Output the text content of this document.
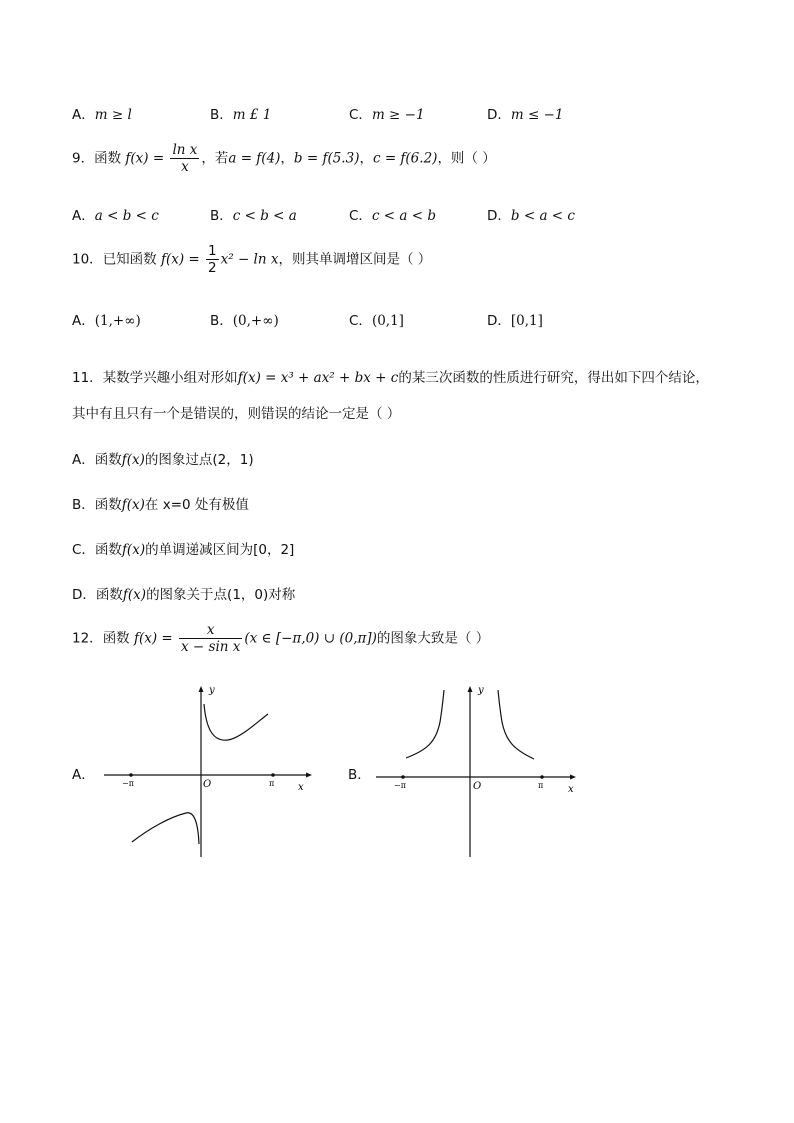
A．m ≥ l	B．m £ 1	C．m ≥ −1	D．m ≤ −1
9．函数 $f(x) = \frac{\text{ln x}}{x}$ ，若a = f(4)，b = f(5.3)，c = f(6.2)，则（ ）
A．a < b < c	B．c < b < a	C．c < a < b	D．b < a < c
10．已知函数 $f(x) = \frac{1}{2} x^2 - \ln x$，则其单调增区间是（ ）
A．(1,+∞)	B．(0,+∞)	C．(0,1]	D．[0,1]
11．某数学兴趣小组对形如f(x) = x³ + ax² + bx + c的某三次函数的性质进行研究，得出如下四个结论，
其中有且只有一个是错误的，则错误的结论一定是（ ）
A．函数f(x)的图象过点(2，1)
B．函数f(x)在 x=0 处有极值
C．函数f(x)的单调递减区间为[0，2]
D．函数f(x)的图象关于点(1，0)对称
12．函数 $f(x) = \frac{x}{\text{x − sin x}} (x$ ∈ [−π,0) ∪ (0,π])的图象大致是（ ）
A．
y
x
O
−π	π
B．
y
x
O
−π	π
